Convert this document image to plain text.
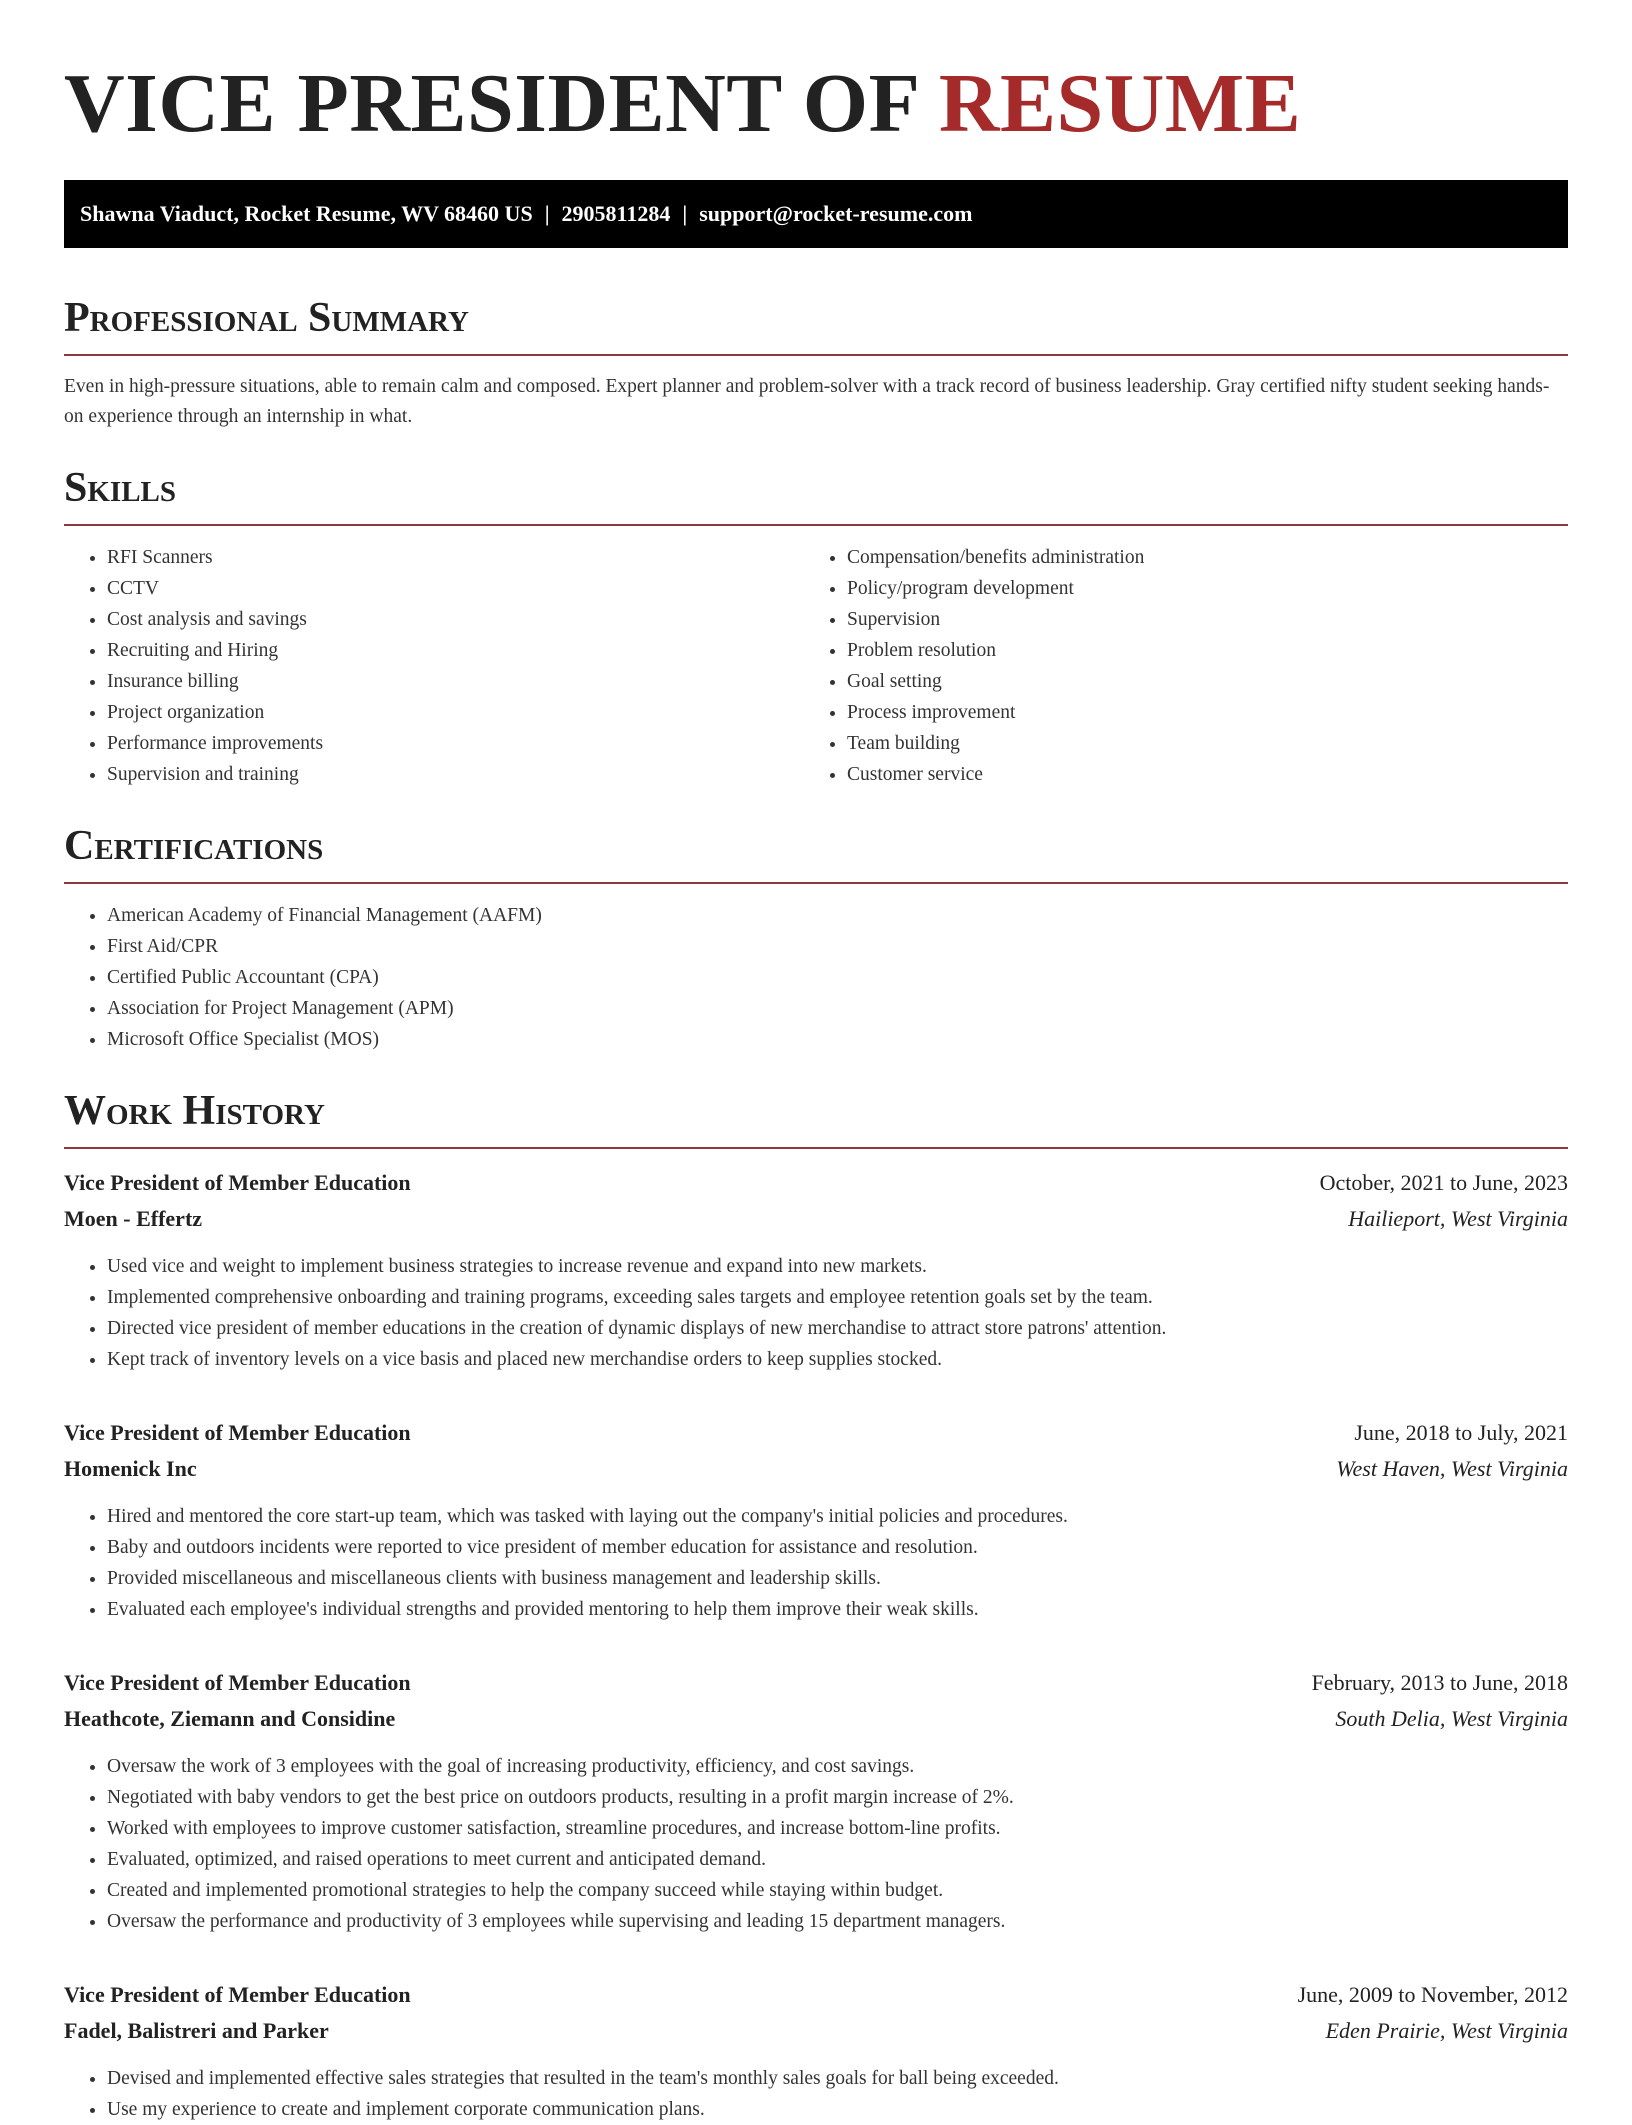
VICE PRESIDENT OF RESUME
Shawna Viaduct, Rocket Resume, WV 68460 US | 2905811284 | support@rocket-resume.com
Professional Summary

Even in high-pressure situations, able to remain calm and composed. Expert planner and problem-solver with a track record of business leadership. Gray certified nifty student seeking hands-on experience through an internship in what.

Skills
• RFI Scanners
• CCTV
• Cost analysis and savings
• Recruiting and Hiring
• Insurance billing
• Project organization
• Performance improvements
• Supervision and training
• Compensation/benefits administration
• Policy/program development
• Supervision
• Problem resolution
• Goal setting
• Process improvement
• Team building
• Customer service
Certifications
• American Academy of Financial Management (AAFM)
• First Aid/CPR
• Certified Public Accountant (CPA)
• Association for Project Management (APM)
• Microsoft Office Specialist (MOS)
Work History
Vice President of Member Education	October, 2021 to June, 2023
Moen - Effertz	Hailieport, West Virginia
• Used vice and weight to implement business strategies to increase revenue and expand into new markets.
• Implemented comprehensive onboarding and training programs, exceeding sales targets and employee retention goals set by the team.
• Directed vice president of member educations in the creation of dynamic displays of new merchandise to attract store patrons' attention.
• Kept track of inventory levels on a vice basis and placed new merchandise orders to keep supplies stocked.
Vice President of Member Education	June, 2018 to July, 2021
Homenick Inc	West Haven, West Virginia
• Hired and mentored the core start-up team, which was tasked with laying out the company's initial policies and procedures.
• Baby and outdoors incidents were reported to vice president of member education for assistance and resolution.
• Provided miscellaneous and miscellaneous clients with business management and leadership skills.
• Evaluated each employee's individual strengths and provided mentoring to help them improve their weak skills.
Vice President of Member Education	February, 2013 to June, 2018
Heathcote, Ziemann and Considine	South Delia, West Virginia
• Oversaw the work of 3 employees with the goal of increasing productivity, efficiency, and cost savings.
• Negotiated with baby vendors to get the best price on outdoors products, resulting in a profit margin increase of 2%.
• Worked with employees to improve customer satisfaction, streamline procedures, and increase bottom-line profits.
• Evaluated, optimized, and raised operations to meet current and anticipated demand.
• Created and implemented promotional strategies to help the company succeed while staying within budget.
• Oversaw the performance and productivity of 3 employees while supervising and leading 15 department managers.
Vice President of Member Education	June, 2009 to November, 2012
Fadel, Balistreri and Parker	Eden Prairie, West Virginia
• Devised and implemented effective sales strategies that resulted in the team's monthly sales goals for ball being exceeded.
• Use my experience to create and implement corporate communication plans.
